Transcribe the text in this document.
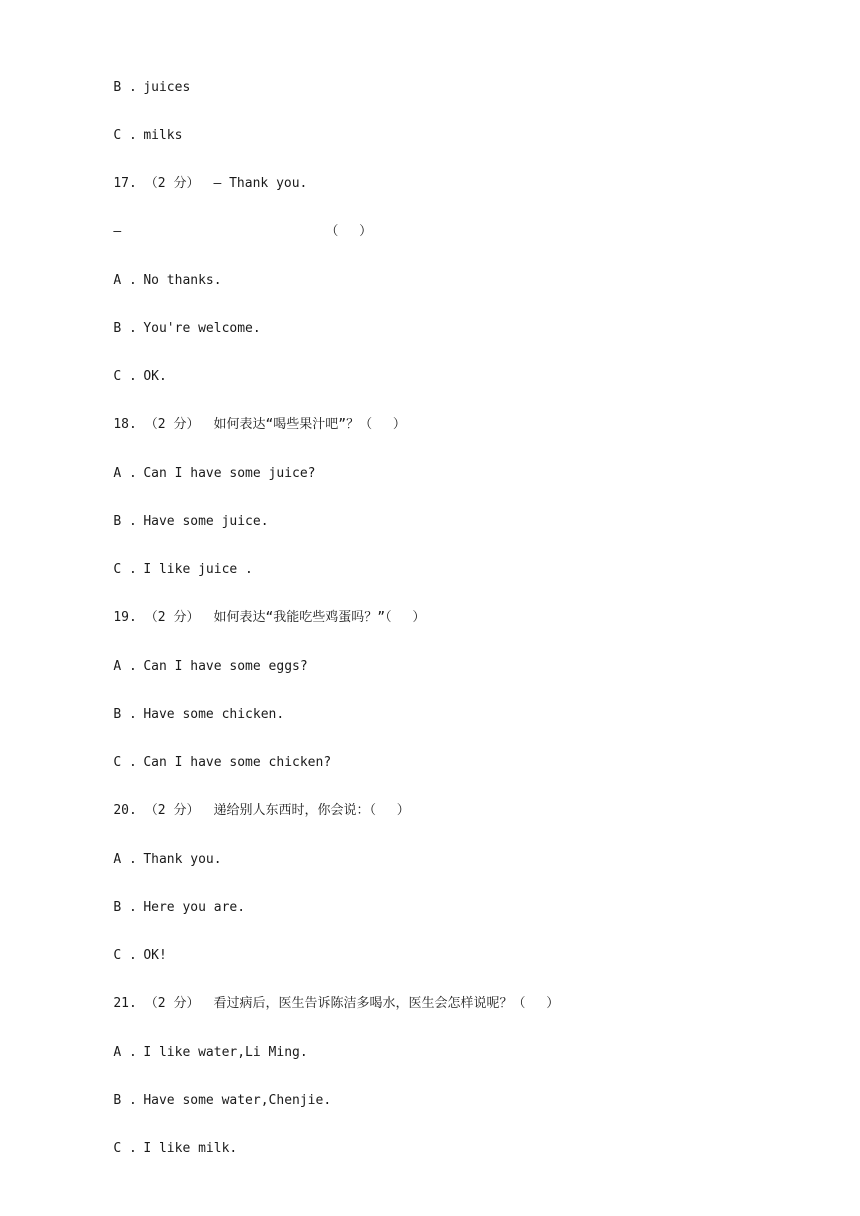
B . juices

C . milks

17. （2 分） — Thank you.

—	（　 ）

A . No thanks.

B . You're welcome.

C . OK.

18. （2 分） 如何表达“喝些果汁吧”？（　 ）

A . Can I have some juice?

B . Have some juice.

C . I like juice .

19. （2 分） 如何表达“我能吃些鸡蛋吗？”（　 ）

A . Can I have some eggs?

B . Have some chicken.

C . Can I have some chicken?

20. （2 分） 递给别人东西时，你会说：（　 ）

A . Thank you.

B . Here you are.

C . OK!

21. （2 分） 看过病后，医生告诉陈洁多喝水，医生会怎样说呢？（　 ）

A . I like water,Li Ming.

B . Have some water,Chenjie.

C . I like milk.
